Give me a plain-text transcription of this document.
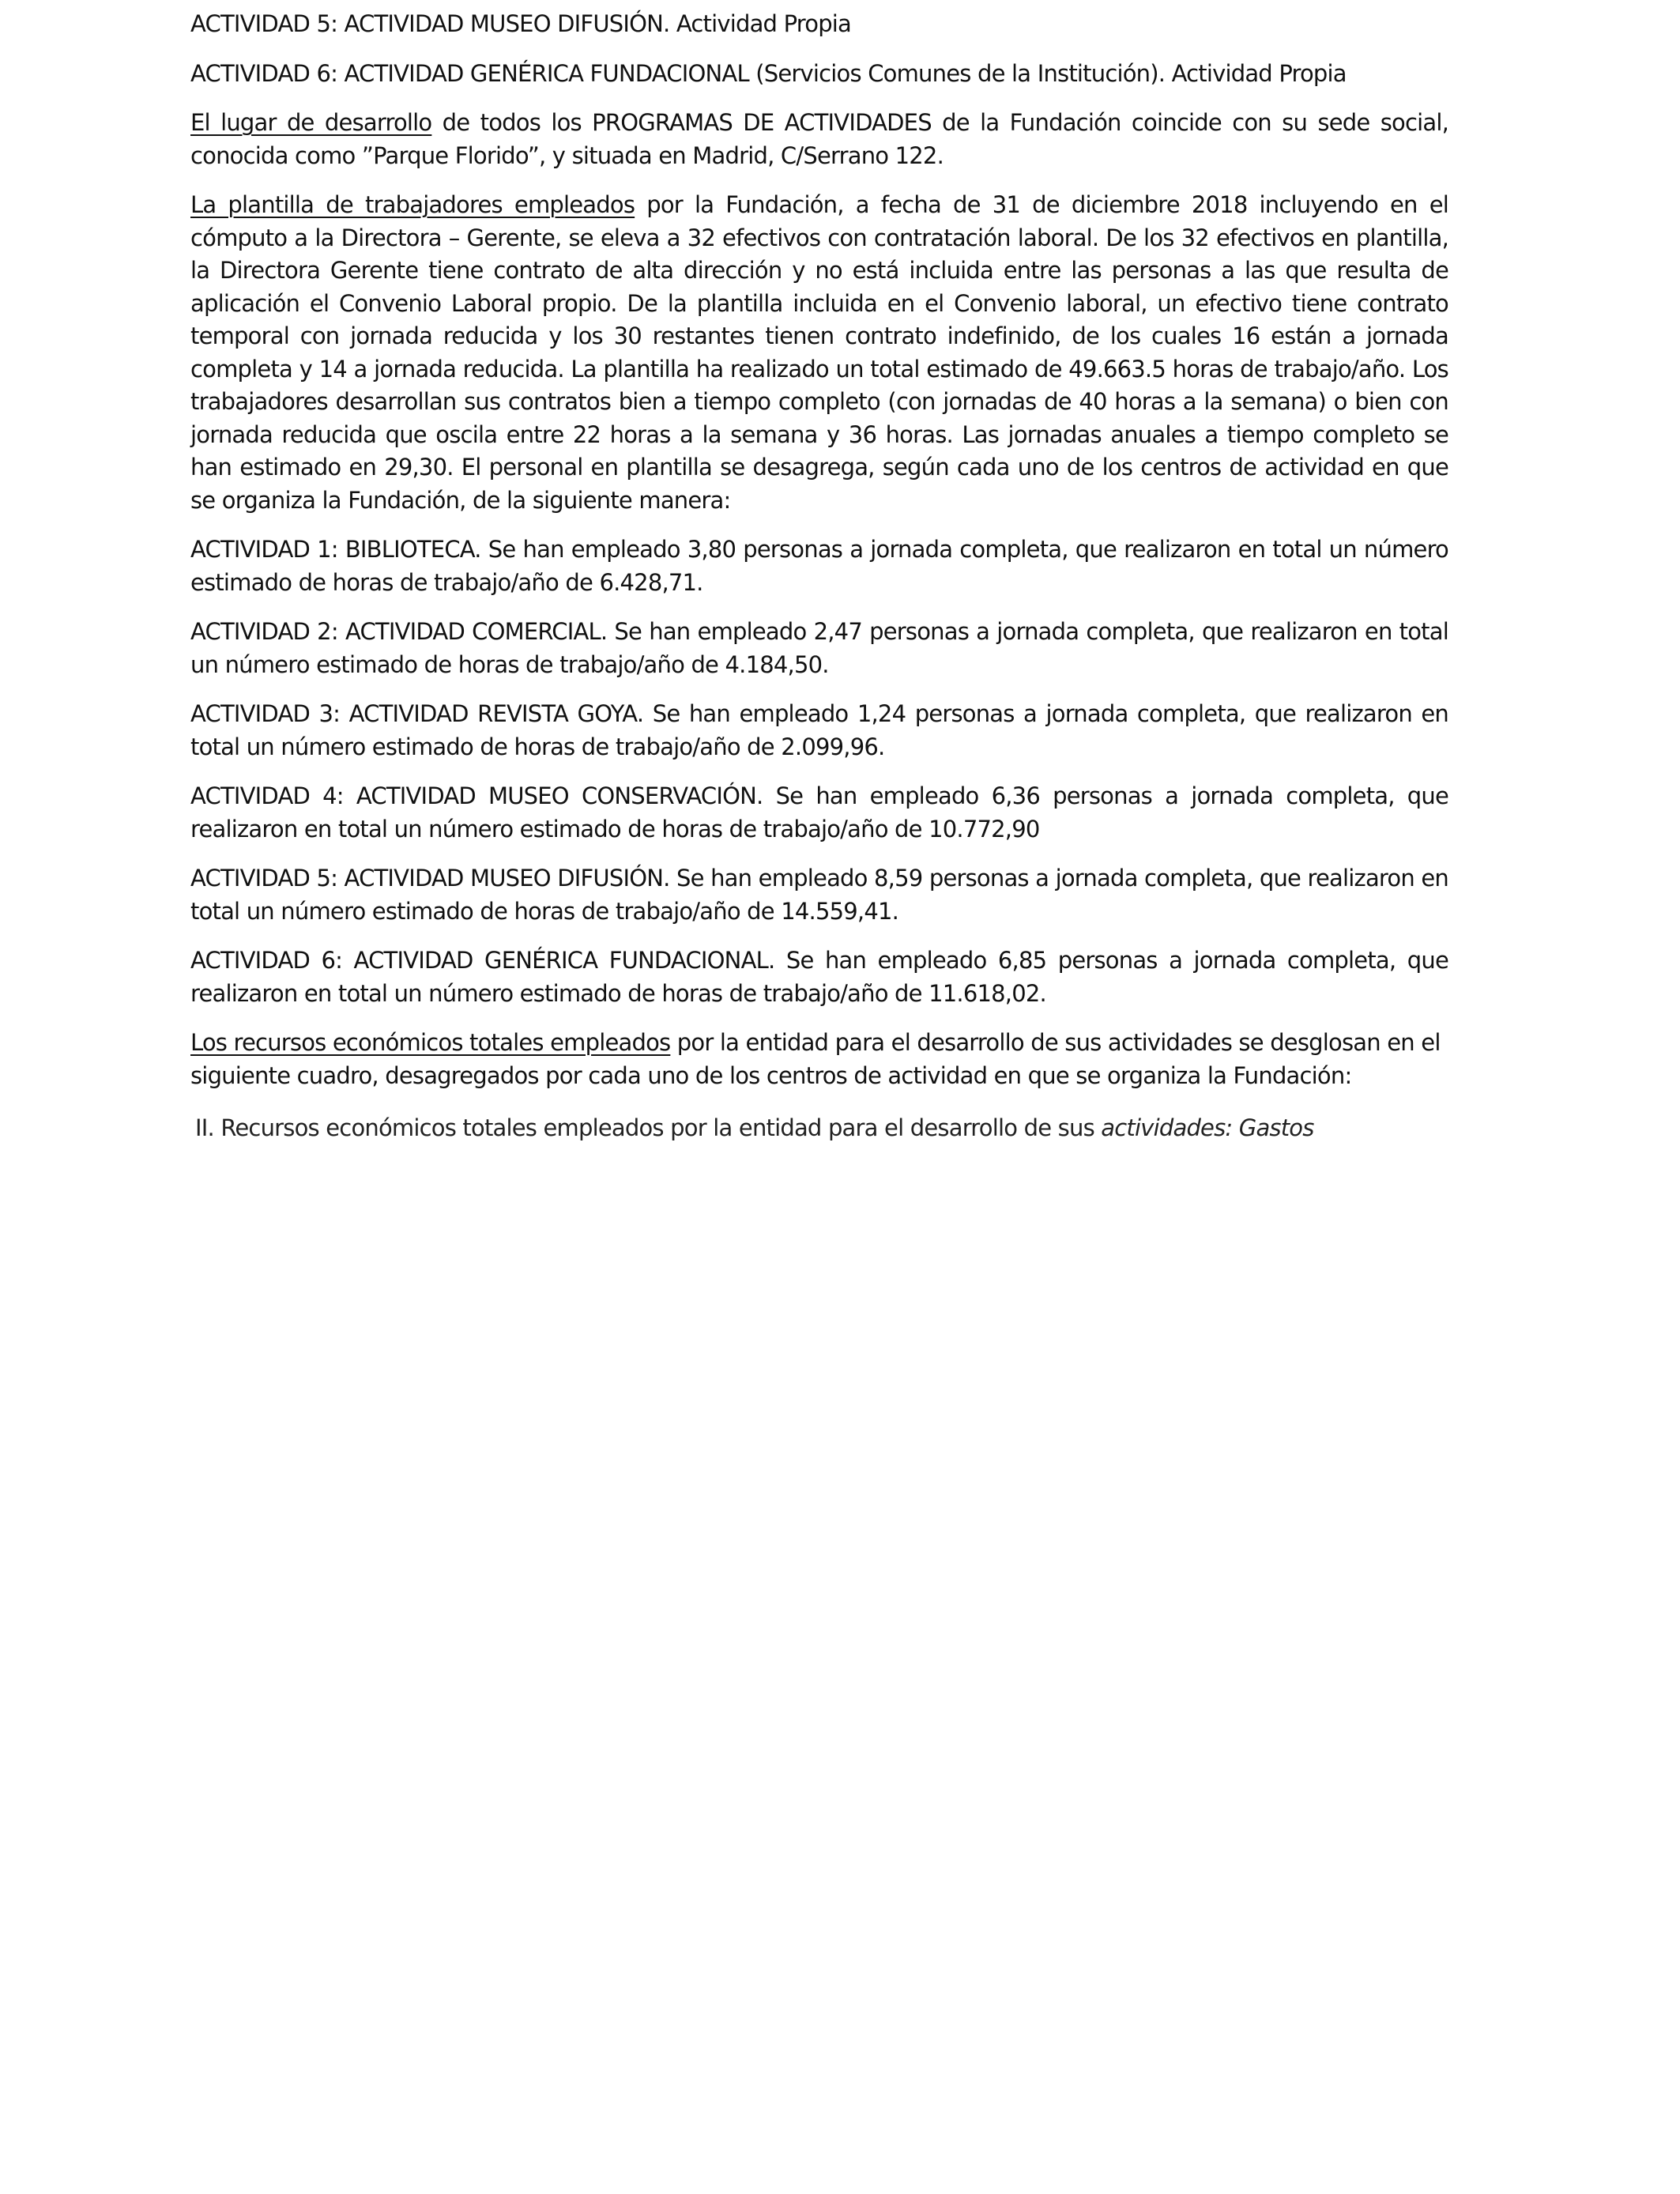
ACTIVIDAD 5: ACTIVIDAD MUSEO DIFUSIÓN. Actividad Propia

ACTIVIDAD 6: ACTIVIDAD GENÉRICA FUNDACIONAL (Servicios Comunes de la Institución). Actividad Propia

El lugar de desarrollo de todos los PROGRAMAS DE ACTIVIDADES de la Fundación coincide con su sede social, conocida como ”Parque Florido”, y situada en Madrid, C/Serrano 122.

La plantilla de trabajadores empleados por la Fundación, a fecha de 31 de diciembre 2018 incluyendo en el cómputo a la Directora – Gerente, se eleva a 32 efectivos con contratación laboral. De los 32 efectivos en plantilla, la Directora Gerente tiene contrato de alta dirección y no está incluida entre las personas a las que resulta de aplicación el Convenio Laboral propio. De la plantilla incluida en el Convenio laboral, un efectivo tiene contrato temporal con jornada reducida y los 30 restantes tienen contrato indefinido, de los cuales 16 están a jornada completa y 14 a jornada reducida. La plantilla ha realizado un total estimado de 49.663.5 horas de trabajo/año. Los trabajadores desarrollan sus contratos bien a tiempo completo (con jornadas de 40 horas a la semana) o bien con jornada reducida que oscila entre 22 horas a la semana y 36 horas. Las jornadas anuales a tiempo completo se han estimado en 29,30. El personal en plantilla se desagrega, según cada uno de los centros de actividad en que se organiza la Fundación, de la siguiente manera:

ACTIVIDAD 1: BIBLIOTECA. Se han empleado 3,80 personas a jornada completa, que realizaron en total un número estimado de horas de trabajo/año de 6.428,71.

ACTIVIDAD 2: ACTIVIDAD COMERCIAL. Se han empleado 2,47 personas a jornada completa, que realizaron en total un número estimado de horas de trabajo/año de 4.184,50.

ACTIVIDAD 3: ACTIVIDAD REVISTA GOYA. Se han empleado 1,24 personas a jornada completa, que realizaron en total un número estimado de horas de trabajo/año de 2.099,96.

ACTIVIDAD 4: ACTIVIDAD MUSEO CONSERVACIÓN. Se han empleado 6,36 personas a jornada completa, que realizaron en total un número estimado de horas de trabajo/año de 10.772,90

ACTIVIDAD 5: ACTIVIDAD MUSEO DIFUSIÓN. Se han empleado 8,59 personas a jornada completa, que realizaron en total un número estimado de horas de trabajo/año de 14.559,41.

ACTIVIDAD 6: ACTIVIDAD GENÉRICA FUNDACIONAL. Se han empleado 6,85 personas a jornada completa, que realizaron en total un número estimado de horas de trabajo/año de 11.618,02.

Los recursos económicos totales empleados por la entidad para el desarrollo de sus actividades se desglosan en el siguiente cuadro, desagregados por cada uno de los centros de actividad en que se organiza la Fundación:

II. Recursos económicos totales empleados por la entidad para el desarrollo de sus actividades: Gastos
